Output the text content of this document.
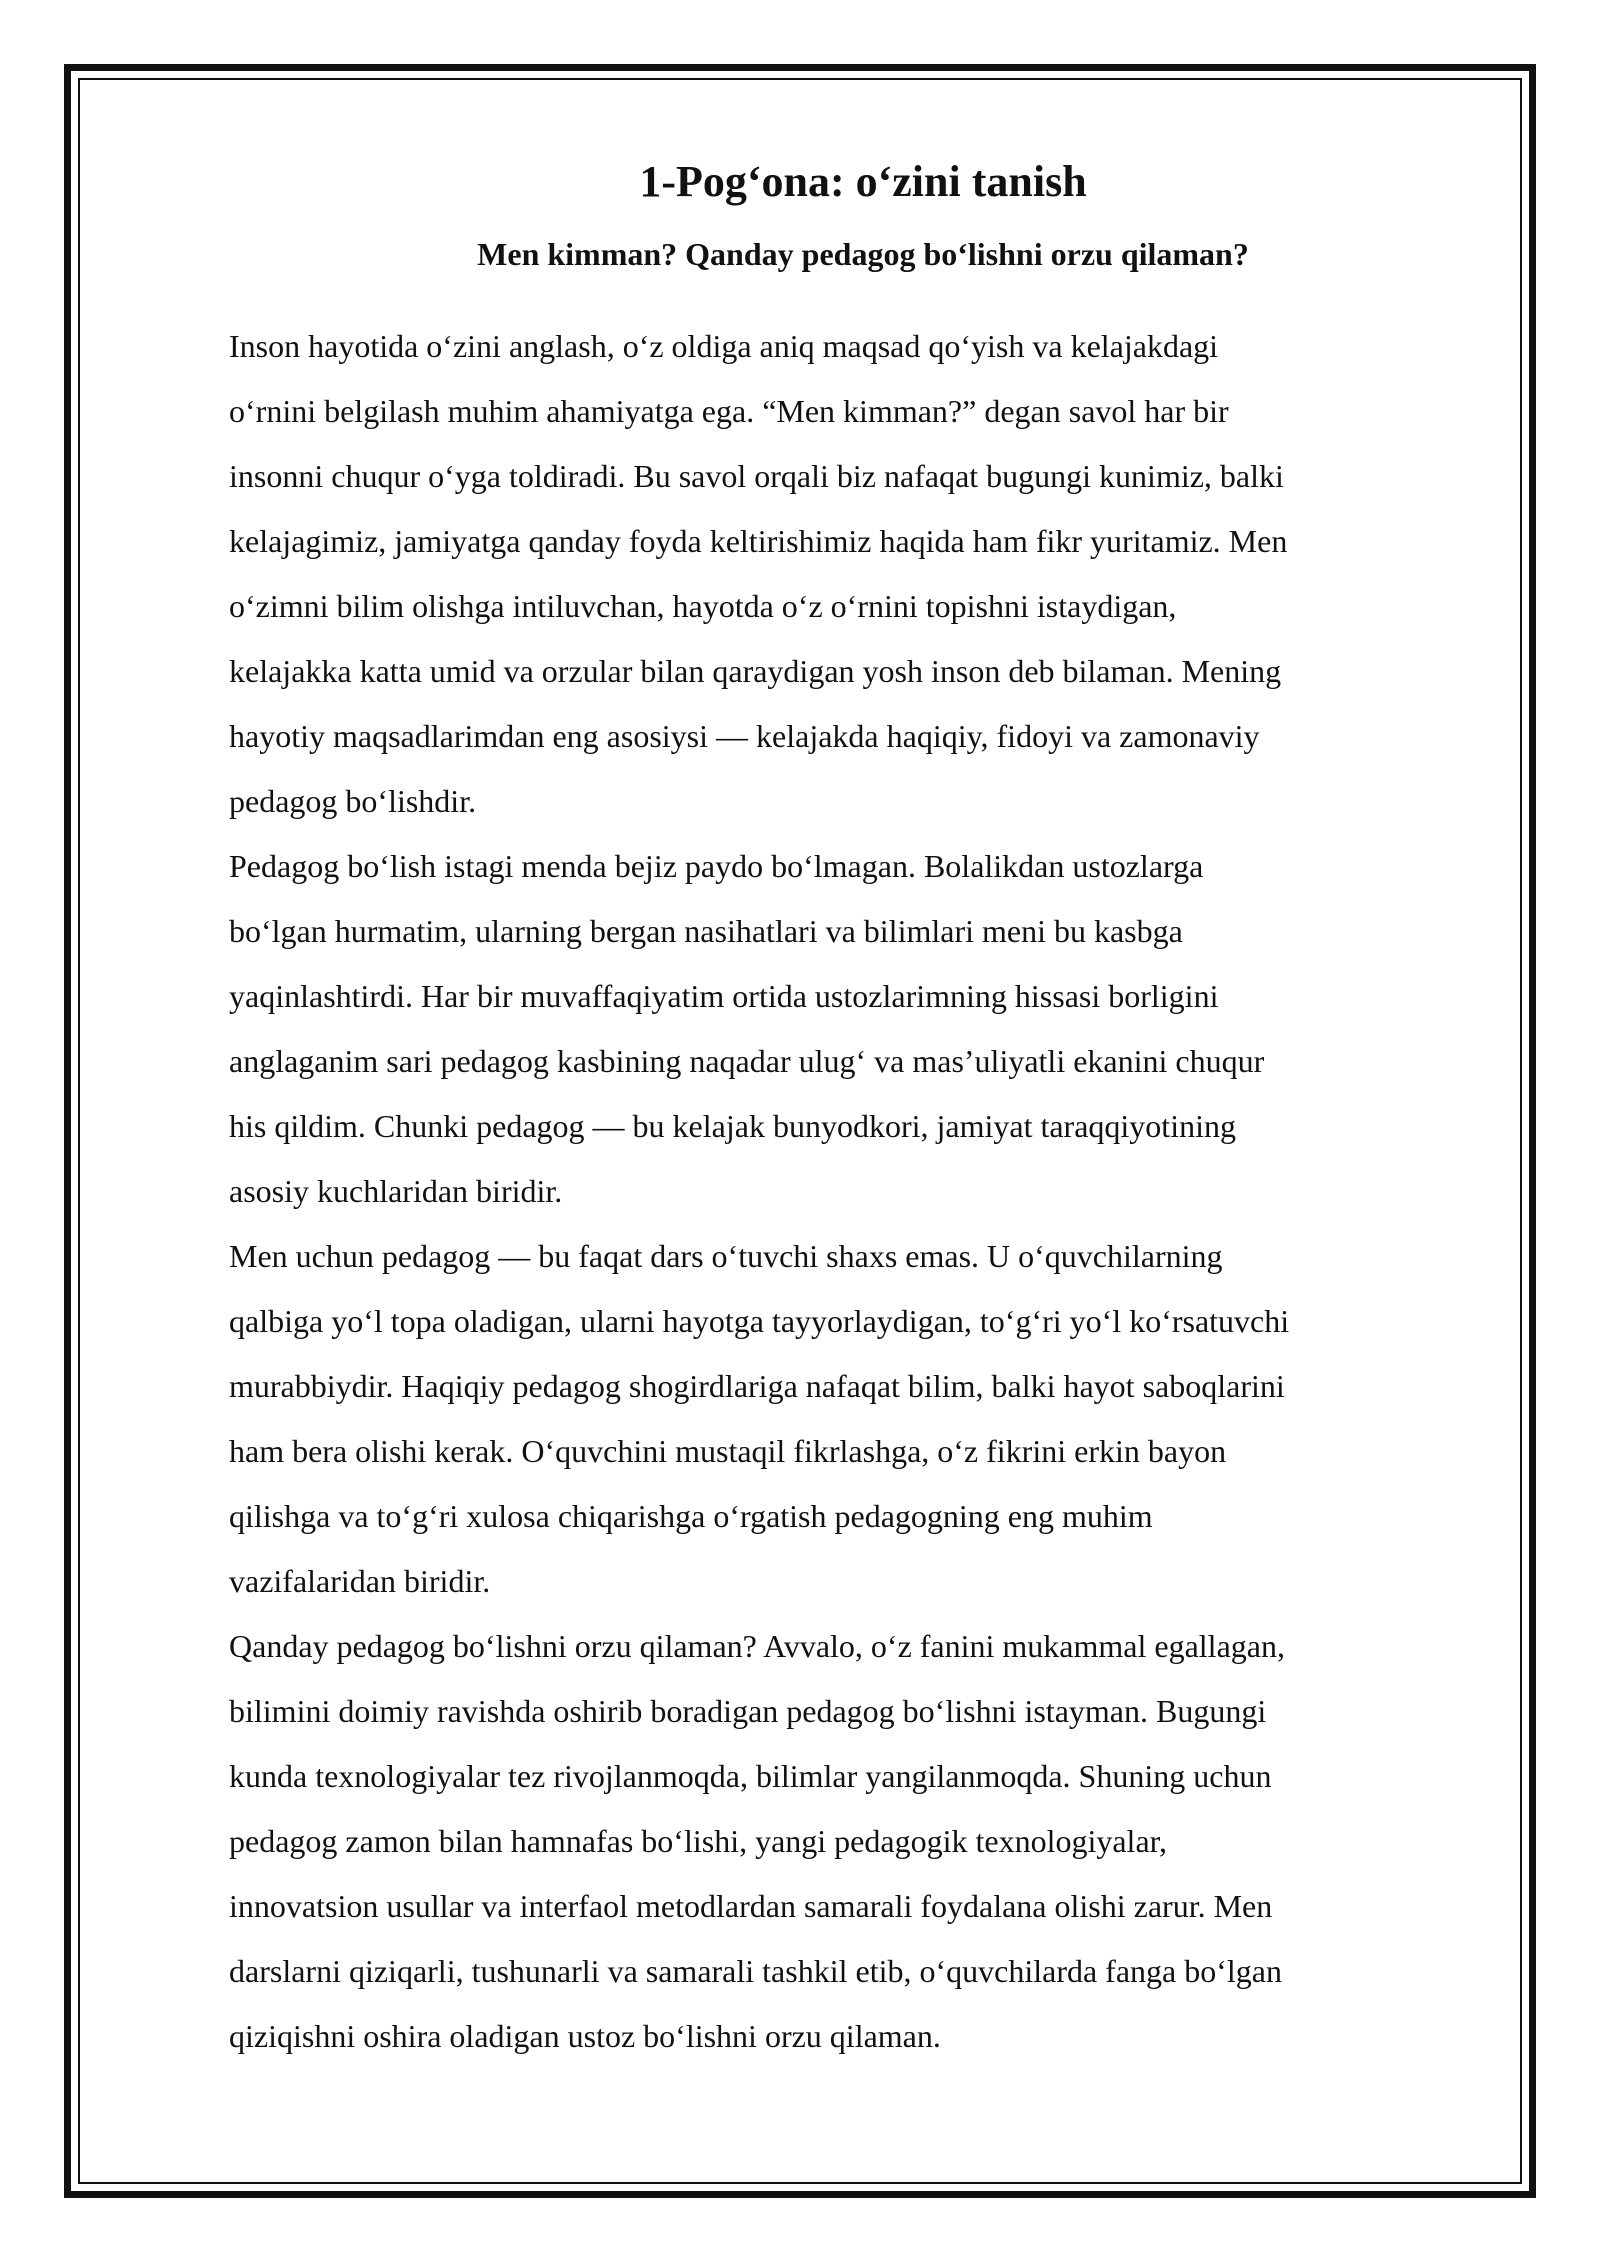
1-Pog‘ona: o‘zini tanish
Men kimman? Qanday pedagog bo‘lishni orzu qilaman?

Inson hayotida o‘zini anglash, o‘z oldiga aniq maqsad qo‘yish va kelajakdagi
o‘rnini belgilash muhim ahamiyatga ega. “Men kimman?” degan savol har bir
insonni chuqur o‘yga toldiradi. Bu savol orqali biz nafaqat bugungi kunimiz, balki
kelajagimiz, jamiyatga qanday foyda keltirishimiz haqida ham fikr yuritamiz. Men
o‘zimni bilim olishga intiluvchan, hayotda o‘z o‘rnini topishni istaydigan,
kelajakka katta umid va orzular bilan qaraydigan yosh inson deb bilaman. Mening
hayotiy maqsadlarimdan eng asosiysi — kelajakda haqiqiy, fidoyi va zamonaviy
pedagog bo‘lishdir.

Pedagog bo‘lish istagi menda bejiz paydo bo‘lmagan. Bolalikdan ustozlarga
bo‘lgan hurmatim, ularning bergan nasihatlari va bilimlari meni bu kasbga
yaqinlashtirdi. Har bir muvaffaqiyatim ortida ustozlarimning hissasi borligini
anglaganim sari pedagog kasbining naqadar ulug‘ va mas’uliyatli ekanini chuqur
his qildim. Chunki pedagog — bu kelajak bunyodkori, jamiyat taraqqiyotining
asosiy kuchlaridan biridir.

Men uchun pedagog — bu faqat dars o‘tuvchi shaxs emas. U o‘quvchilarning
qalbiga yo‘l topa oladigan, ularni hayotga tayyorlaydigan, to‘g‘ri yo‘l ko‘rsatuvchi
murabbiydir. Haqiqiy pedagog shogirdlariga nafaqat bilim, balki hayot saboqlarini
ham bera olishi kerak. O‘quvchini mustaqil fikrlashga, o‘z fikrini erkin bayon
qilishga va to‘g‘ri xulosa chiqarishga o‘rgatish pedagogning eng muhim
vazifalaridan biridir.

Qanday pedagog bo‘lishni orzu qilaman? Avvalo, o‘z fanini mukammal egallagan,
bilimini doimiy ravishda oshirib boradigan pedagog bo‘lishni istayman. Bugungi
kunda texnologiyalar tez rivojlanmoqda, bilimlar yangilanmoqda. Shuning uchun
pedagog zamon bilan hamnafas bo‘lishi, yangi pedagogik texnologiyalar,
innovatsion usullar va interfaol metodlardan samarali foydalana olishi zarur. Men
darslarni qiziqarli, tushunarli va samarali tashkil etib, o‘quvchilarda fanga bo‘lgan
qiziqishni oshira oladigan ustoz bo‘lishni orzu qilaman.
